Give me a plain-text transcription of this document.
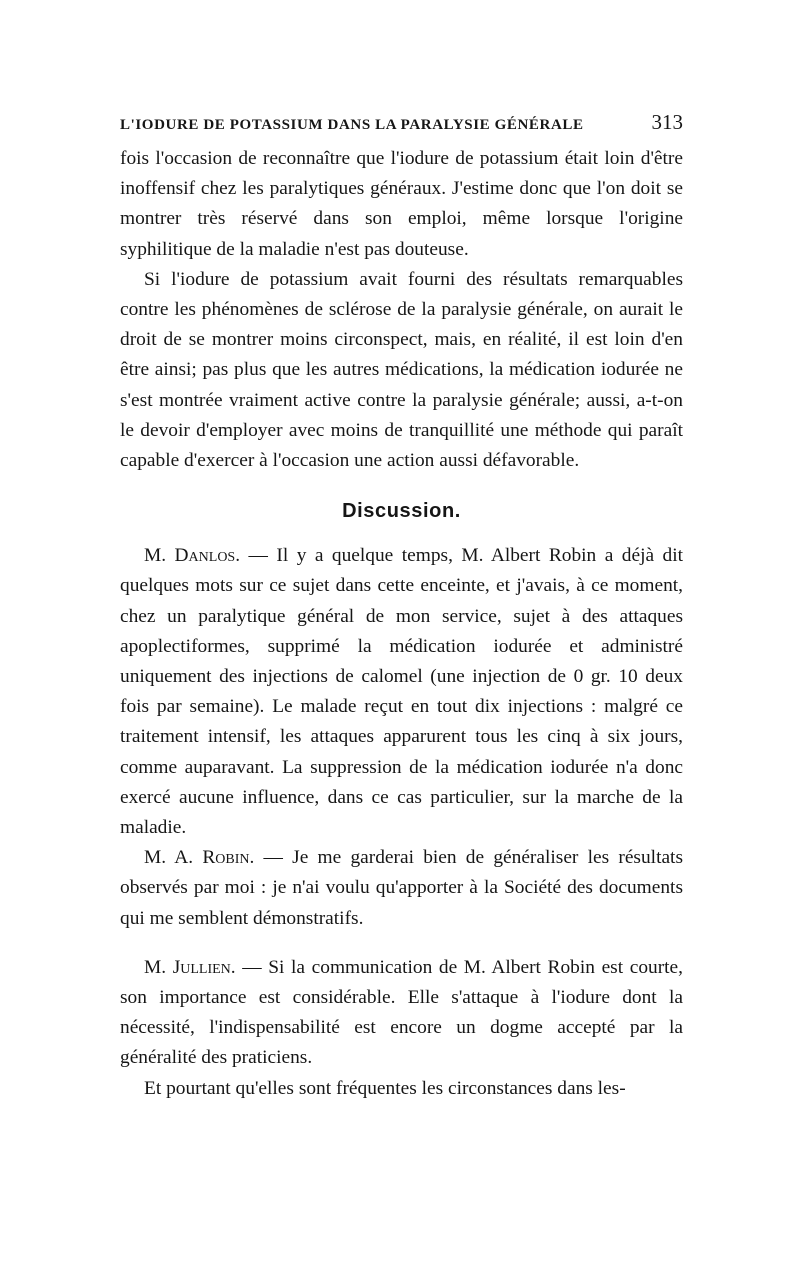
L'IODURE DE POTASSIUM DANS LA PARALYSIE GÉNÉRALE	313

fois l'occasion de reconnaître que l'iodure de potassium était loin d'être inoffensif chez les paralytiques généraux. J'estime donc que l'on doit se montrer très réservé dans son emploi, même lorsque l'origine syphilitique de la maladie n'est pas douteuse.

Si l'iodure de potassium avait fourni des résultats remarquables contre les phénomènes de sclérose de la paralysie générale, on aurait le droit de se montrer moins circonspect, mais, en réalité, il est loin d'en être ainsi; pas plus que les autres médications, la médication iodurée ne s'est montrée vraiment active contre la paralysie générale; aussi, a-t-on le devoir d'employer avec moins de tranquillité une méthode qui paraît capable d'exercer à l'occasion une action aussi défavorable.

Discussion.

M. Danlos. — Il y a quelque temps, M. Albert Robin a déjà dit quelques mots sur ce sujet dans cette enceinte, et j'avais, à ce moment, chez un paralytique général de mon service, sujet à des attaques apoplectiformes, supprimé la médication iodurée et administré uniquement des injections de calomel (une injection de 0 gr. 10 deux fois par semaine). Le malade reçut en tout dix injections : malgré ce traitement intensif, les attaques apparurent tous les cinq à six jours, comme auparavant. La suppression de la médication iodurée n'a donc exercé aucune influence, dans ce cas particulier, sur la marche de la maladie.

M. A. Robin. — Je me garderai bien de généraliser les résultats observés par moi : je n'ai voulu qu'apporter à la Société des documents qui me semblent démonstratifs.

M. Jullien. — Si la communication de M. Albert Robin est courte, son importance est considérable. Elle s'attaque à l'iodure dont la nécessité, l'indispensabilité est encore un dogme accepté par la généralité des praticiens.

Et pourtant qu'elles sont fréquentes les circonstances dans les-
